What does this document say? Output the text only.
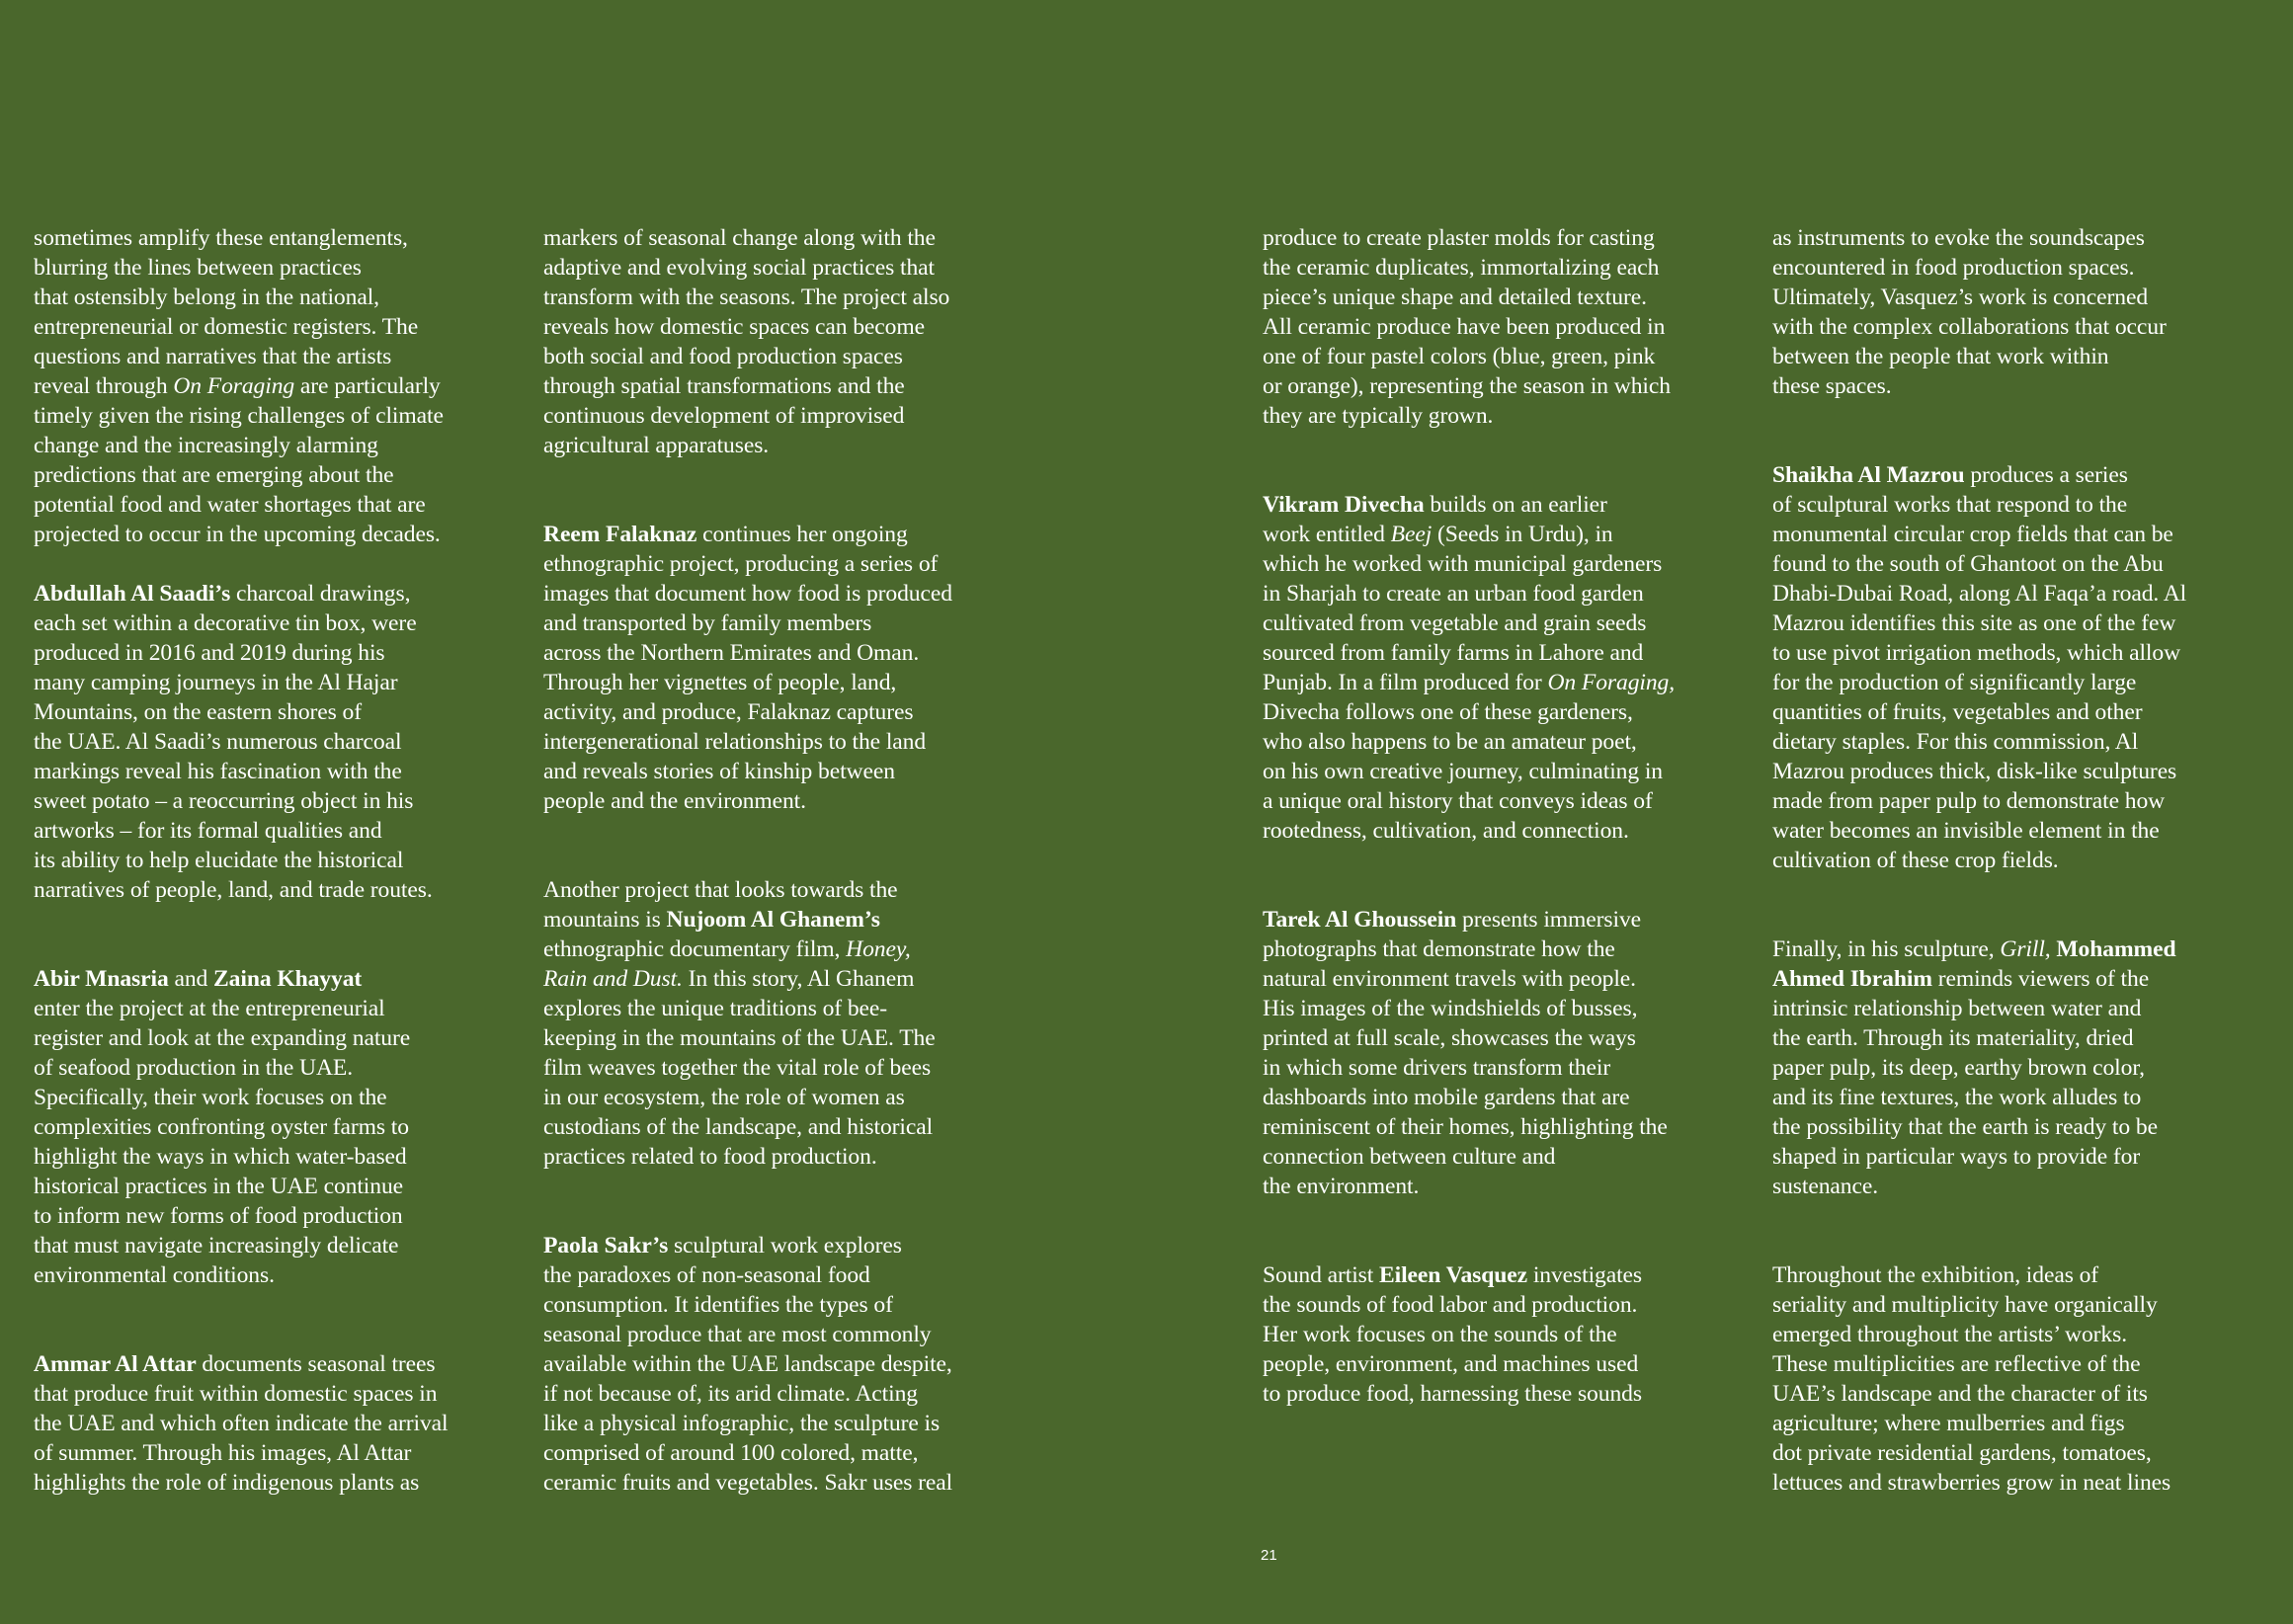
sometimes amplify these entanglements,
blurring the lines between practices
that ostensibly belong in the national,
entrepreneurial or domestic registers. The
questions and narratives that the artists
reveal through On Foraging are particularly
timely given the rising challenges of climate
change and the increasingly alarming
predictions that are emerging about the
potential food and water shortages that are
projected to occur in the upcoming decades.
Abdullah Al Saadi’s charcoal drawings,
each set within a decorative tin box, were
produced in 2016 and 2019 during his
many camping journeys in the Al Hajar
Mountains, on the eastern shores of
the UAE. Al Saadi’s numerous charcoal
markings reveal his fascination with the
sweet potato – a reoccurring object in his
artworks – for its formal qualities and
its ability to help elucidate the historical
narratives of people, land, and trade routes.
Abir Mnasria and Zaina Khayyat
enter the project at the entrepreneurial
register and look at the expanding nature
of seafood production in the UAE.
Specifically, their work focuses on the
complexities confronting oyster farms to
highlight the ways in which water-based
historical practices in the UAE continue
to inform new forms of food production
that must navigate increasingly delicate
environmental conditions.
Ammar Al Attar documents seasonal trees
that produce fruit within domestic spaces in
the UAE and which often indicate the arrival
of summer. Through his images, Al Attar
highlights the role of indigenous plants as
markers of seasonal change along with the
adaptive and evolving social practices that
transform with the seasons. The project also
reveals how domestic spaces can become
both social and food production spaces
through spatial transformations and the
continuous development of improvised
agricultural apparatuses.
Reem Falaknaz continues her ongoing
ethnographic project, producing a series of
images that document how food is produced
and transported by family members
across the Northern Emirates and Oman.
Through her vignettes of people, land,
activity, and produce, Falaknaz captures
intergenerational relationships to the land
and reveals stories of kinship between
people and the environment.
Another project that looks towards the
mountains is Nujoom Al Ghanem’s
ethnographic documentary film, Honey,
Rain and Dust. In this story, Al Ghanem
explores the unique traditions of bee-
keeping in the mountains of the UAE. The
film weaves together the vital role of bees
in our ecosystem, the role of women as
custodians of the landscape, and historical
practices related to food production.
Paola Sakr’s sculptural work explores
the paradoxes of non-seasonal food
consumption. It identifies the types of
seasonal produce that are most commonly
available within the UAE landscape despite,
if not because of, its arid climate. Acting
like a physical infographic, the sculpture is
comprised of around 100 colored, matte,
ceramic fruits and vegetables. Sakr uses real
produce to create plaster molds for casting
the ceramic duplicates, immortalizing each
piece’s unique shape and detailed texture.
All ceramic produce have been produced in
one of four pastel colors (blue, green, pink
or orange), representing the season in which
they are typically grown.
Vikram Divecha builds on an earlier
work entitled Beej (Seeds in Urdu), in
which he worked with municipal gardeners
in Sharjah to create an urban food garden
cultivated from vegetable and grain seeds
sourced from family farms in Lahore and
Punjab. In a film produced for On Foraging,
Divecha follows one of these gardeners,
who also happens to be an amateur poet,
on his own creative journey, culminating in
a unique oral history that conveys ideas of
rootedness, cultivation, and connection.
Tarek Al Ghoussein presents immersive
photographs that demonstrate how the
natural environment travels with people.
His images of the windshields of busses,
printed at full scale, showcases the ways
in which some drivers transform their
dashboards into mobile gardens that are
reminiscent of their homes, highlighting the
connection between culture and
the environment.
Sound artist Eileen Vasquez investigates
the sounds of food labor and production.
Her work focuses on the sounds of the
people, environment, and machines used
to produce food, harnessing these sounds
as instruments to evoke the soundscapes
encountered in food production spaces.
Ultimately, Vasquez’s work is concerned
with the complex collaborations that occur
between the people that work within
these spaces.
Shaikha Al Mazrou produces a series
of sculptural works that respond to the
monumental circular crop fields that can be
found to the south of Ghantoot on the Abu
Dhabi-Dubai Road, along Al Faqa’a road. Al
Mazrou identifies this site as one of the few
to use pivot irrigation methods, which allow
for the production of significantly large
quantities of fruits, vegetables and other
dietary staples. For this commission, Al
Mazrou produces thick, disk-like sculptures
made from paper pulp to demonstrate how
water becomes an invisible element in the
cultivation of these crop fields.
Finally, in his sculpture, Grill, Mohammed
Ahmed Ibrahim reminds viewers of the
intrinsic relationship between water and
the earth. Through its materiality, dried
paper pulp, its deep, earthy brown color,
and its fine textures, the work alludes to
the possibility that the earth is ready to be
shaped in particular ways to provide for
sustenance.
Throughout the exhibition, ideas of
seriality and multiplicity have organically
emerged throughout the artists’ works.
These multiplicities are reflective of the
UAE’s landscape and the character of its
agriculture; where mulberries and figs
dot private residential gardens, tomatoes,
lettuces and strawberries grow in neat lines
21
